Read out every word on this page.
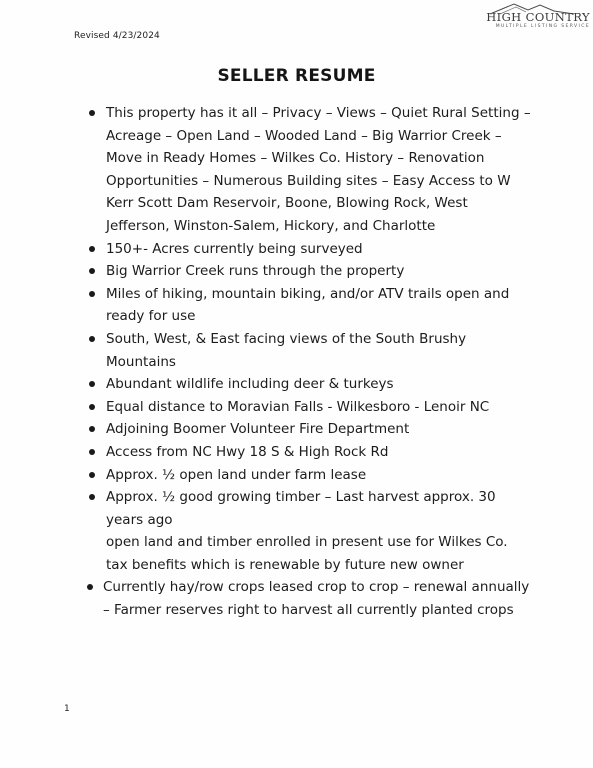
Revised 4/23/2024
HIGH COUNTRY
MULTIPLE LISTING SERVICE
SELLER RESUME
This property has it all – Privacy – Views – Quiet Rural Setting – Acreage – Open Land – Wooded Land – Big Warrior Creek – Move in Ready Homes – Wilkes Co. History – Renovation Opportunities – Numerous Building sites – Easy Access to W Kerr Scott Dam Reservoir, Boone, Blowing Rock, West Jefferson, Winston-Salem, Hickory, and Charlotte
150+- Acres currently being surveyed
Big Warrior Creek runs through the property
Miles of hiking, mountain biking, and/or ATV trails open and ready for use
South, West, & East facing views of the South Brushy Mountains
Abundant wildlife including deer & turkeys
Equal distance to Moravian Falls - Wilkesboro - Lenoir NC
Adjoining Boomer Volunteer Fire Department
Access from NC Hwy 18 S & High Rock Rd
Approx. ½ open land under farm lease
Approx. ½ good growing timber – Last harvest approx. 30 years ago
open land and timber enrolled in present use for Wilkes Co. tax benefits which is renewable by future new owner
Currently hay/row crops leased crop to crop – renewal annually – Farmer reserves right to harvest all currently planted crops
1
